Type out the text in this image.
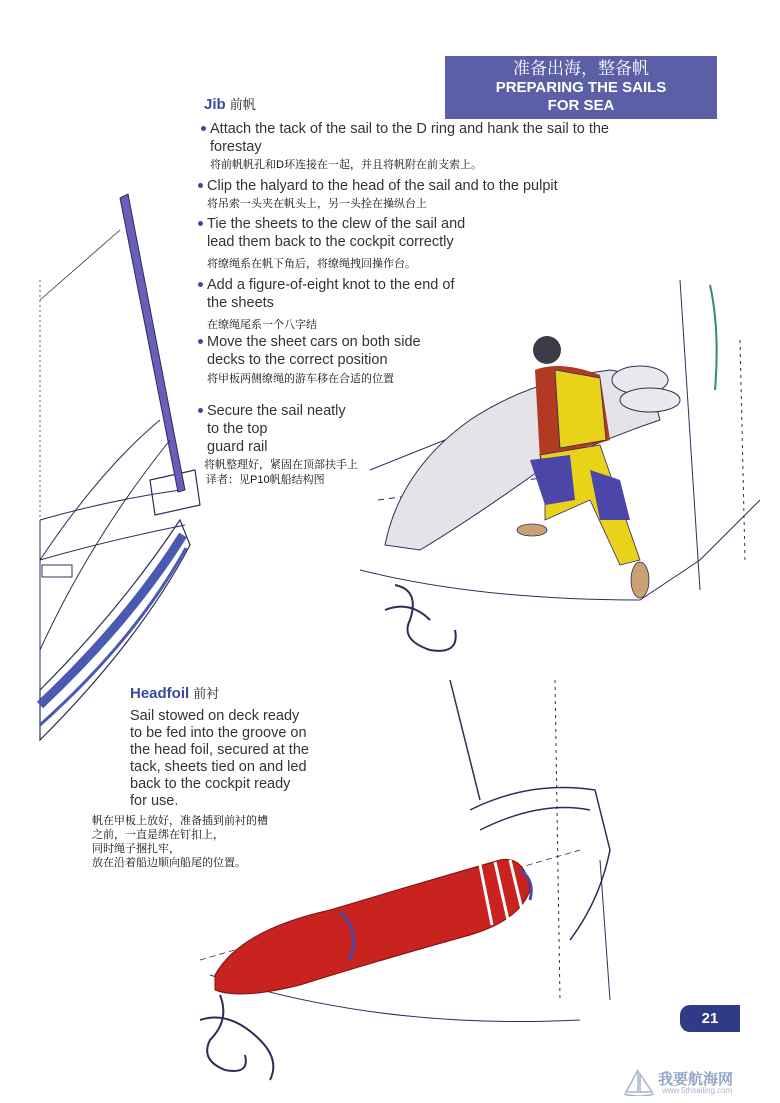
准备出海，整备帆
PREPARING THE SAILS
FOR SEA
Jib 前帆
Attach the tack of the sail to the D ring and hank the sail to the
forestay
将前帆帆孔和D环连接在一起，并且将帆附在前支索上。
Clip the halyard to the head of the sail and to the pulpit
将吊索一头夹在帆头上，另一头拴在操纵台上
Tie the sheets to the clew of the sail and
lead them back to the cockpit correctly
将缭绳系在帆下角后，将缭绳拽回操作台。
Add a figure-of-eight knot to the end of
the sheets
在缭绳尾系一个八字结
Move the sheet cars on both side
decks to the correct position
将甲板两侧缭绳的游车移在合适的位置
Secure the sail neatly
to the top
guard rail
将帆整理好，紧固在顶部扶手上
译者：见P10帆船结构图
Headfoil 前衬
Sail stowed on deck ready
to be fed into the groove on
the head foil, secured at the
tack, sheets tied on and led
back to the cockpit ready
for use.
帆在甲板上放好，准备插到前衬的槽
之前，一直是绑在钉扣上，
同时绳子捆扎牢，
放在沿着船边顺向船尾的位置。
21
我要航海网
www.5thsailing.com
